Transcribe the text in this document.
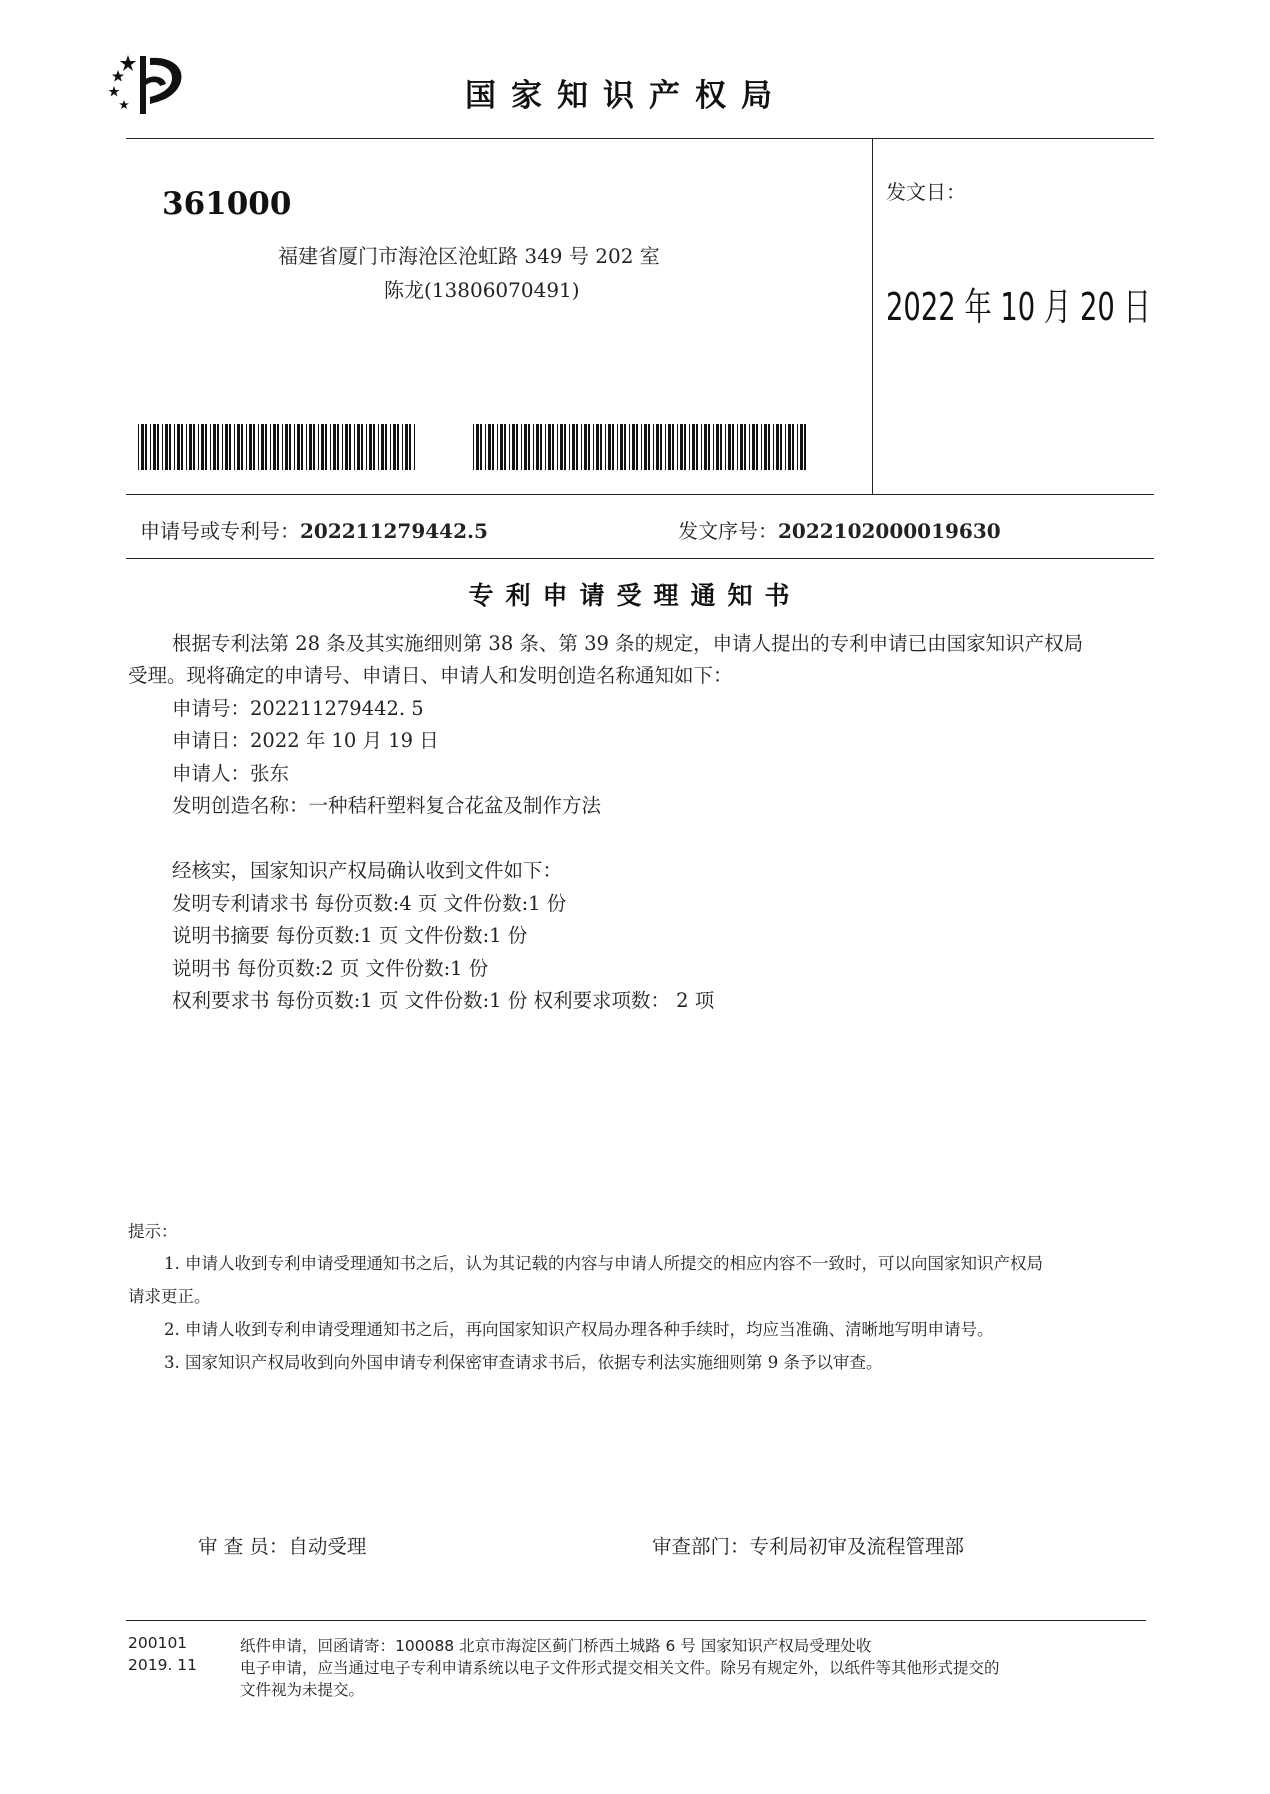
国家知识产权局
361000
福建省厦门市海沧区沧虹路 349 号 202 室
陈龙(13806070491)
发文日：
2022 年 10 月 20 日
申请号或专利号：202211279442.5	发文序号：2022102000019630
专利申请受理通知书
根据专利法第 28 条及其实施细则第 38 条、第 39 条的规定，申请人提出的专利申请已由国家知识产权局
受理。现将确定的申请号、申请日、申请人和发明创造名称通知如下：
申请号：202211279442. 5
申请日：2022 年 10 月 19 日
申请人：张东
发明创造名称：一种秸秆塑料复合花盆及制作方法
经核实，国家知识产权局确认收到文件如下：
发明专利请求书 每份页数:4 页 文件份数:1 份
说明书摘要 每份页数:1 页 文件份数:1 份
说明书 每份页数:2 页 文件份数:1 份
权利要求书 每份页数:1 页 文件份数:1 份 权利要求项数： 2 项
提示：
1. 申请人收到专利申请受理通知书之后，认为其记载的内容与申请人所提交的相应内容不一致时，可以向国家知识产权局
请求更正。
2. 申请人收到专利申请受理通知书之后，再向国家知识产权局办理各种手续时，均应当准确、清晰地写明申请号。
3. 国家知识产权局收到向外国申请专利保密审查请求书后，依据专利法实施细则第 9 条予以审查。
审 查 员：自动受理	审查部门：专利局初审及流程管理部
200101
2019. 11
纸件申请，回函请寄：100088 北京市海淀区蓟门桥西土城路 6 号 国家知识产权局受理处收
电子申请，应当通过电子专利申请系统以电子文件形式提交相关文件。除另有规定外，以纸件等其他形式提交的
文件视为未提交。
